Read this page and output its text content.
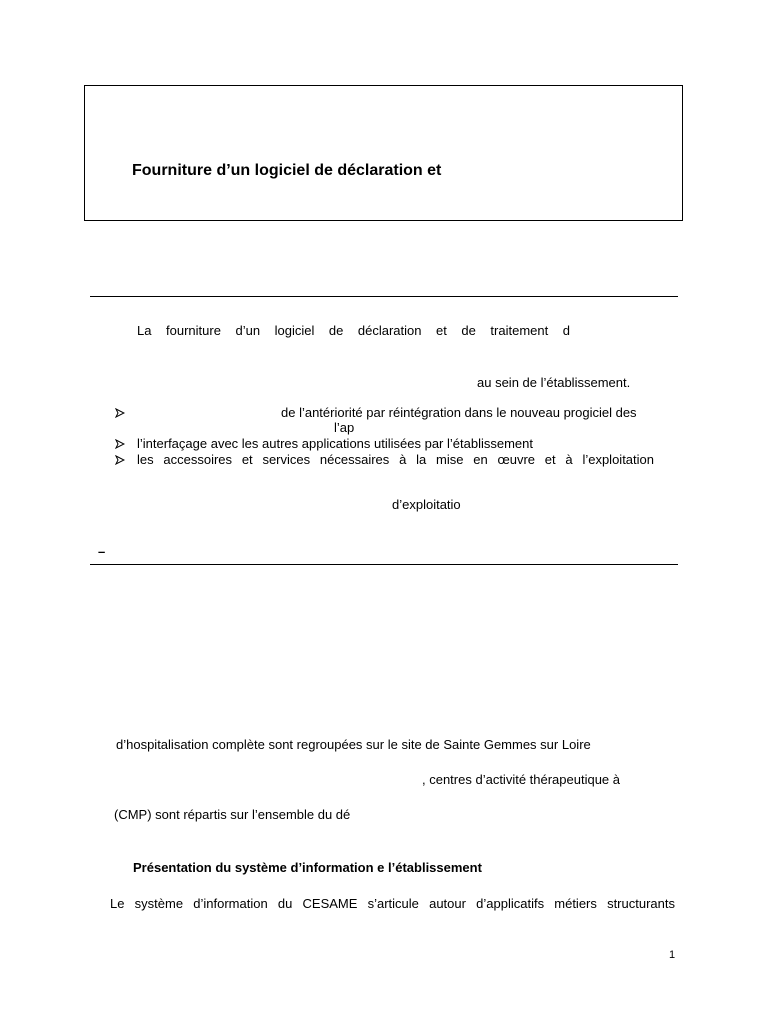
Fourniture d’un logiciel de déclaration et
La fourniture d’un logiciel de déclaration et de traitement d
au sein de l’établissement.
de l’antériorité par réintégration dans le nouveau progiciel des
l’ap
l’interfaçage avec les autres applications utilisées par l’établissement
les accessoires et services nécessaires à la mise en œuvre et à l’exploitation
d’exploitatio
–
d’hospitalisation complète sont regroupées sur le site de Sainte Gemmes sur Loire
, centres d’activité thérapeutique à
(CMP) sont répartis sur l’ensemble du dé
Présentation du système d’information e l’établissement
Le système d’information du CESAME s’articule autour d’applicatifs métiers structurants
1
